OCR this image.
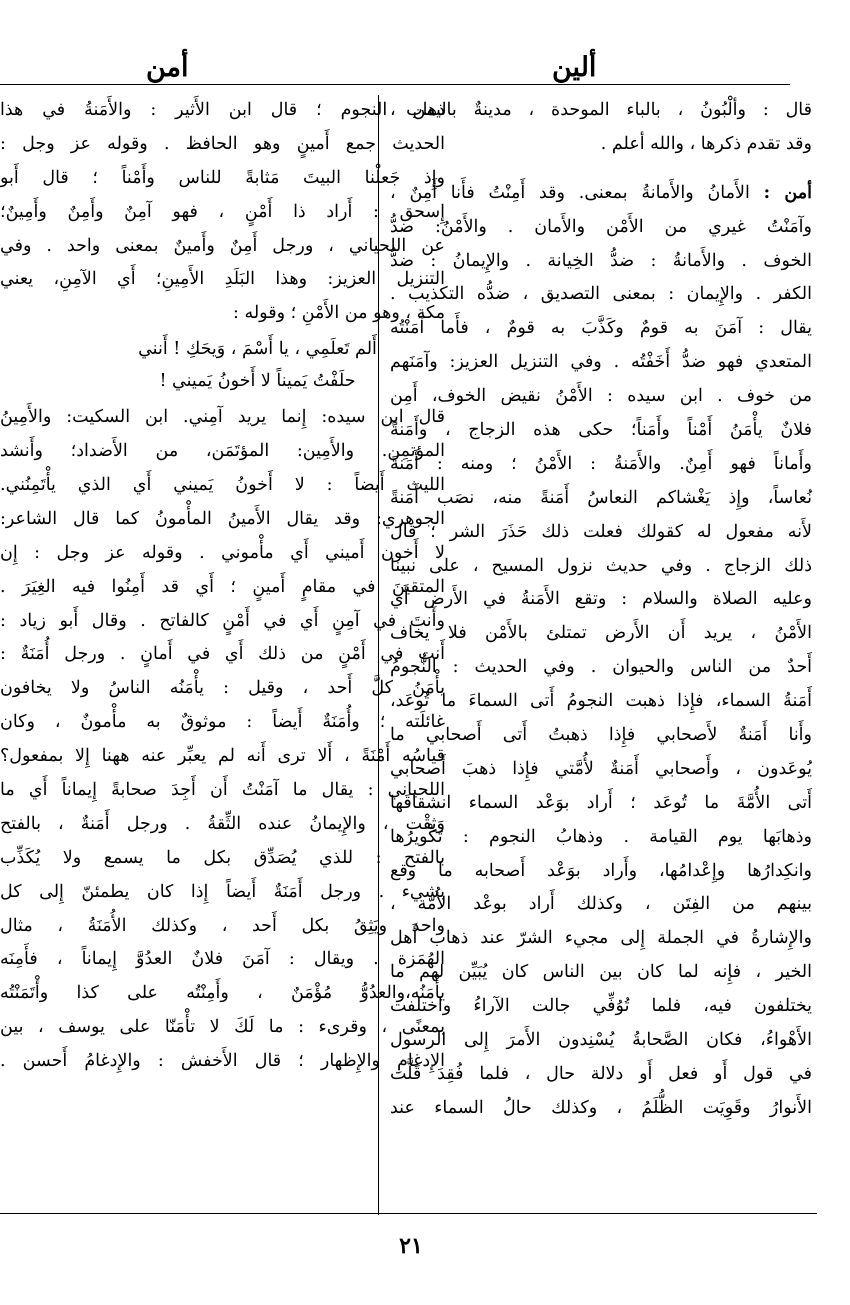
ألين
أمن
قال : وألْبُونُ ، بالباء الموحدة ، مدينةٌ باليمن ،
وقد تقدم ذكرها ، والله أعلم .
أمن : الأَمانُ والأَمانةُ بمعنى. وقد أَمِنْتُ فأَنا أَمِنٌ ،
وآمَنْتُ غيري من الأَمْن والأَمان . والأَمْنُ: ضدُّ
الخوف . والأَمانةُ : ضدُّ الخِيانة . والإِيمانُ : ضدُّ
الكفر . والإِيمان : بمعنى التصديق ، ضدُّه التكذيب .
يقال : آمَنَ به قومٌ وكَذَّبَ به قومٌ ، فأَما آمَنْتُه
المتعدي فهو ضدُّ أَخَفْتُه . وفي التنزيل العزيز: وآمَنَهم
من خوف . ابن سيده : الأَمْنُ نقيض الخوف، أَمِن
فلانٌ يأْمَنُ أَمْناً وأَمَناً؛ حكى هذه الزجاج ، وأَمَنةً
وأَماناً فهو أَمِنٌ. والأَمَنةُ : الأَمْنُ ؛ ومنه : أَمَنةً
نُعاساً، وإِذ يَغْشاكم النعاسُ أَمَنةً منه، نصَب أَمَنةً
لأَنه مفعول له كقولك فعلت ذلك حَذَرَ الشر ؛ قال
ذلك الزجاج . وفي حديث نزول المسيح ، على نبينا
وعليه الصلاة والسلام : وتقع الأَمَنةُ في الأَرض أَي
الأَمْنُ ، يريد أَن الأَرض تمتلئ بالأَمْن فلا يخاف
أَحدٌ من الناس والحيوان . وفي الحديث : النُّجومُ
أَمَنةُ السماء، فإِذا ذهبت النجومُ أَتى السماءَ ما تُوعَد،
وأَنا أَمَنةٌ لأَصحابي فإِذا ذهبتُ أَتى أَصحابي ما
يُوعَدون ، وأَصحابي أَمَنةٌ لأُمَّتي فإِذا ذهبَ أَصحابي
أَتى الأُمَّةَ ما تُوعَد ؛ أَراد بوَعْد السماء انشقاقَها
وذهابَها يوم القيامة . وذهابُ النجوم : تَكْويرُها
وانكِدارُها وإِعْدامُها، وأَراد بوَعْد أَصحابه ما وقع
بينهم من الفِتَن ، وكذلك أَراد بوعْد الأُمّة ،
والإِشارةُ في الجملة إِلى مجيء الشرّ عند ذهاب أَهل
الخير ، فإِنه لما كان بين الناس كان يُبَيِّن لهم ما
يختلفون فيه، فلما تُوُفِّي جالت الآراءُ واختلفت
الأَهْواءُ، فكان الصَّحابةُ يُسْنِدون الأَمرَ إِلى الرسول
في قول أَو فعل أَو دلالة حال ، فلما فُقِدَ قَلَّت
الأَنوارُ وقَوِيَت الظُّلَمُ ، وكذلك حالُ السماء عند
ذهاب النجوم ؛ قال ابن الأَثير : والأَمَنةُ في هذا
الحديث جمع أَمينٍ وهو الحافظ . وقوله عز وجل :
وإِذ جَعلْنا البيتَ مَثابةً للناس وأَمْناً ؛ قال أَبو
إِسحق : أَراد ذا أَمْنٍ ، فهو آمِنٌ وأَمِنٌ وأَمِينٌ؛
عن اللحياني ، ورجل أَمِنٌ وأَمينٌ بمعنى واحد . وفي
التنزيل العزيز: وهذا البَلَدِ الأَمِينِ؛ أَي الآمِنِ، يعني
مكة ، وهو من الأَمْنِ ؛ وقوله :
أَلم تَعلَمِي ، يا أَسْمَ ، وَيحَكِ ! أَنني
حلَفْتُ يَميناً لا أَخونُ يَميني !
قال ابن سيده: إِنما يريد آمِني. ابن السكيت: والأَمِينُ
المؤتمِن. والأَمِين: المؤتَمَن، من الأَضداد؛ وأَنشد
الليث أَيضاً : لا أَخونُ يَميني أَي الذي يأْتَمِنُني.
الجوهري: وقد يقال الأَمينُ المأْمونُ كما قال الشاعر:
لا أَخون أَميني أَي مأْموني . وقوله عز وجل : إِن
المتقينَ في مقامٍ أَمينٍ ؛ أَي قد أَمِنُوا فيه الغِيَرَ .
وأَنتَ في آمِنٍ أَي في أَمْنٍ كالفاتح . وقال أَبو زياد :
أَنت في أَمْنٍ من ذلك أَي في أَمانٍ . ورجل أُمَنَةٌ :
يأْمَنُ كلَّ أَحد ، وقيل : يأْمَنُه الناسُ ولا يخافون
غائلَته ؛ وأُمَنَةٌ أَيضاً : موثوقٌ به مأْمونٌ ، وكان
قياسُه أَمْنَةً ، أَلا ترى أَنه لم يعبِّر عنه ههنا إِلا بمفعول؟
اللحياني : يقال ما آمَنْتُ أَن أَجِدَ صحابةً إِيماناً أَي ما
وَثِقْت ، والإِيمانُ عنده الثِّقةُ . ورجل أَمَنةٌ ، بالفتح
بالفتح : للذي يُصَدِّق بكل ما يسمع ولا يُكَذِّب
بشيء . ورجل أَمَنَةٌ أَيضاً إِذا كان يطمئنّ إِلى كل
واحد ويَثِقُ بكل أَحد ، وكذلك الأُمَنَةُ ، مثال
الهُمَزة . ويقال : آمَنَ فلانٌ العدُوَّ إِيماناً ، فأَمِنَه
يأْمَنُه،والعدُوُّ مُؤْمَنٌ ، وأَمِنْتُه على كذا وأْتَمَنْتُه
بمعنًى ، وقرىء : ما لَكَ لا تأْمَنّا على يوسف ، بين
الإِدغامِ والإِظهار ؛ قال الأَخفش : والإِدغامُ أَحسن .
٢١
